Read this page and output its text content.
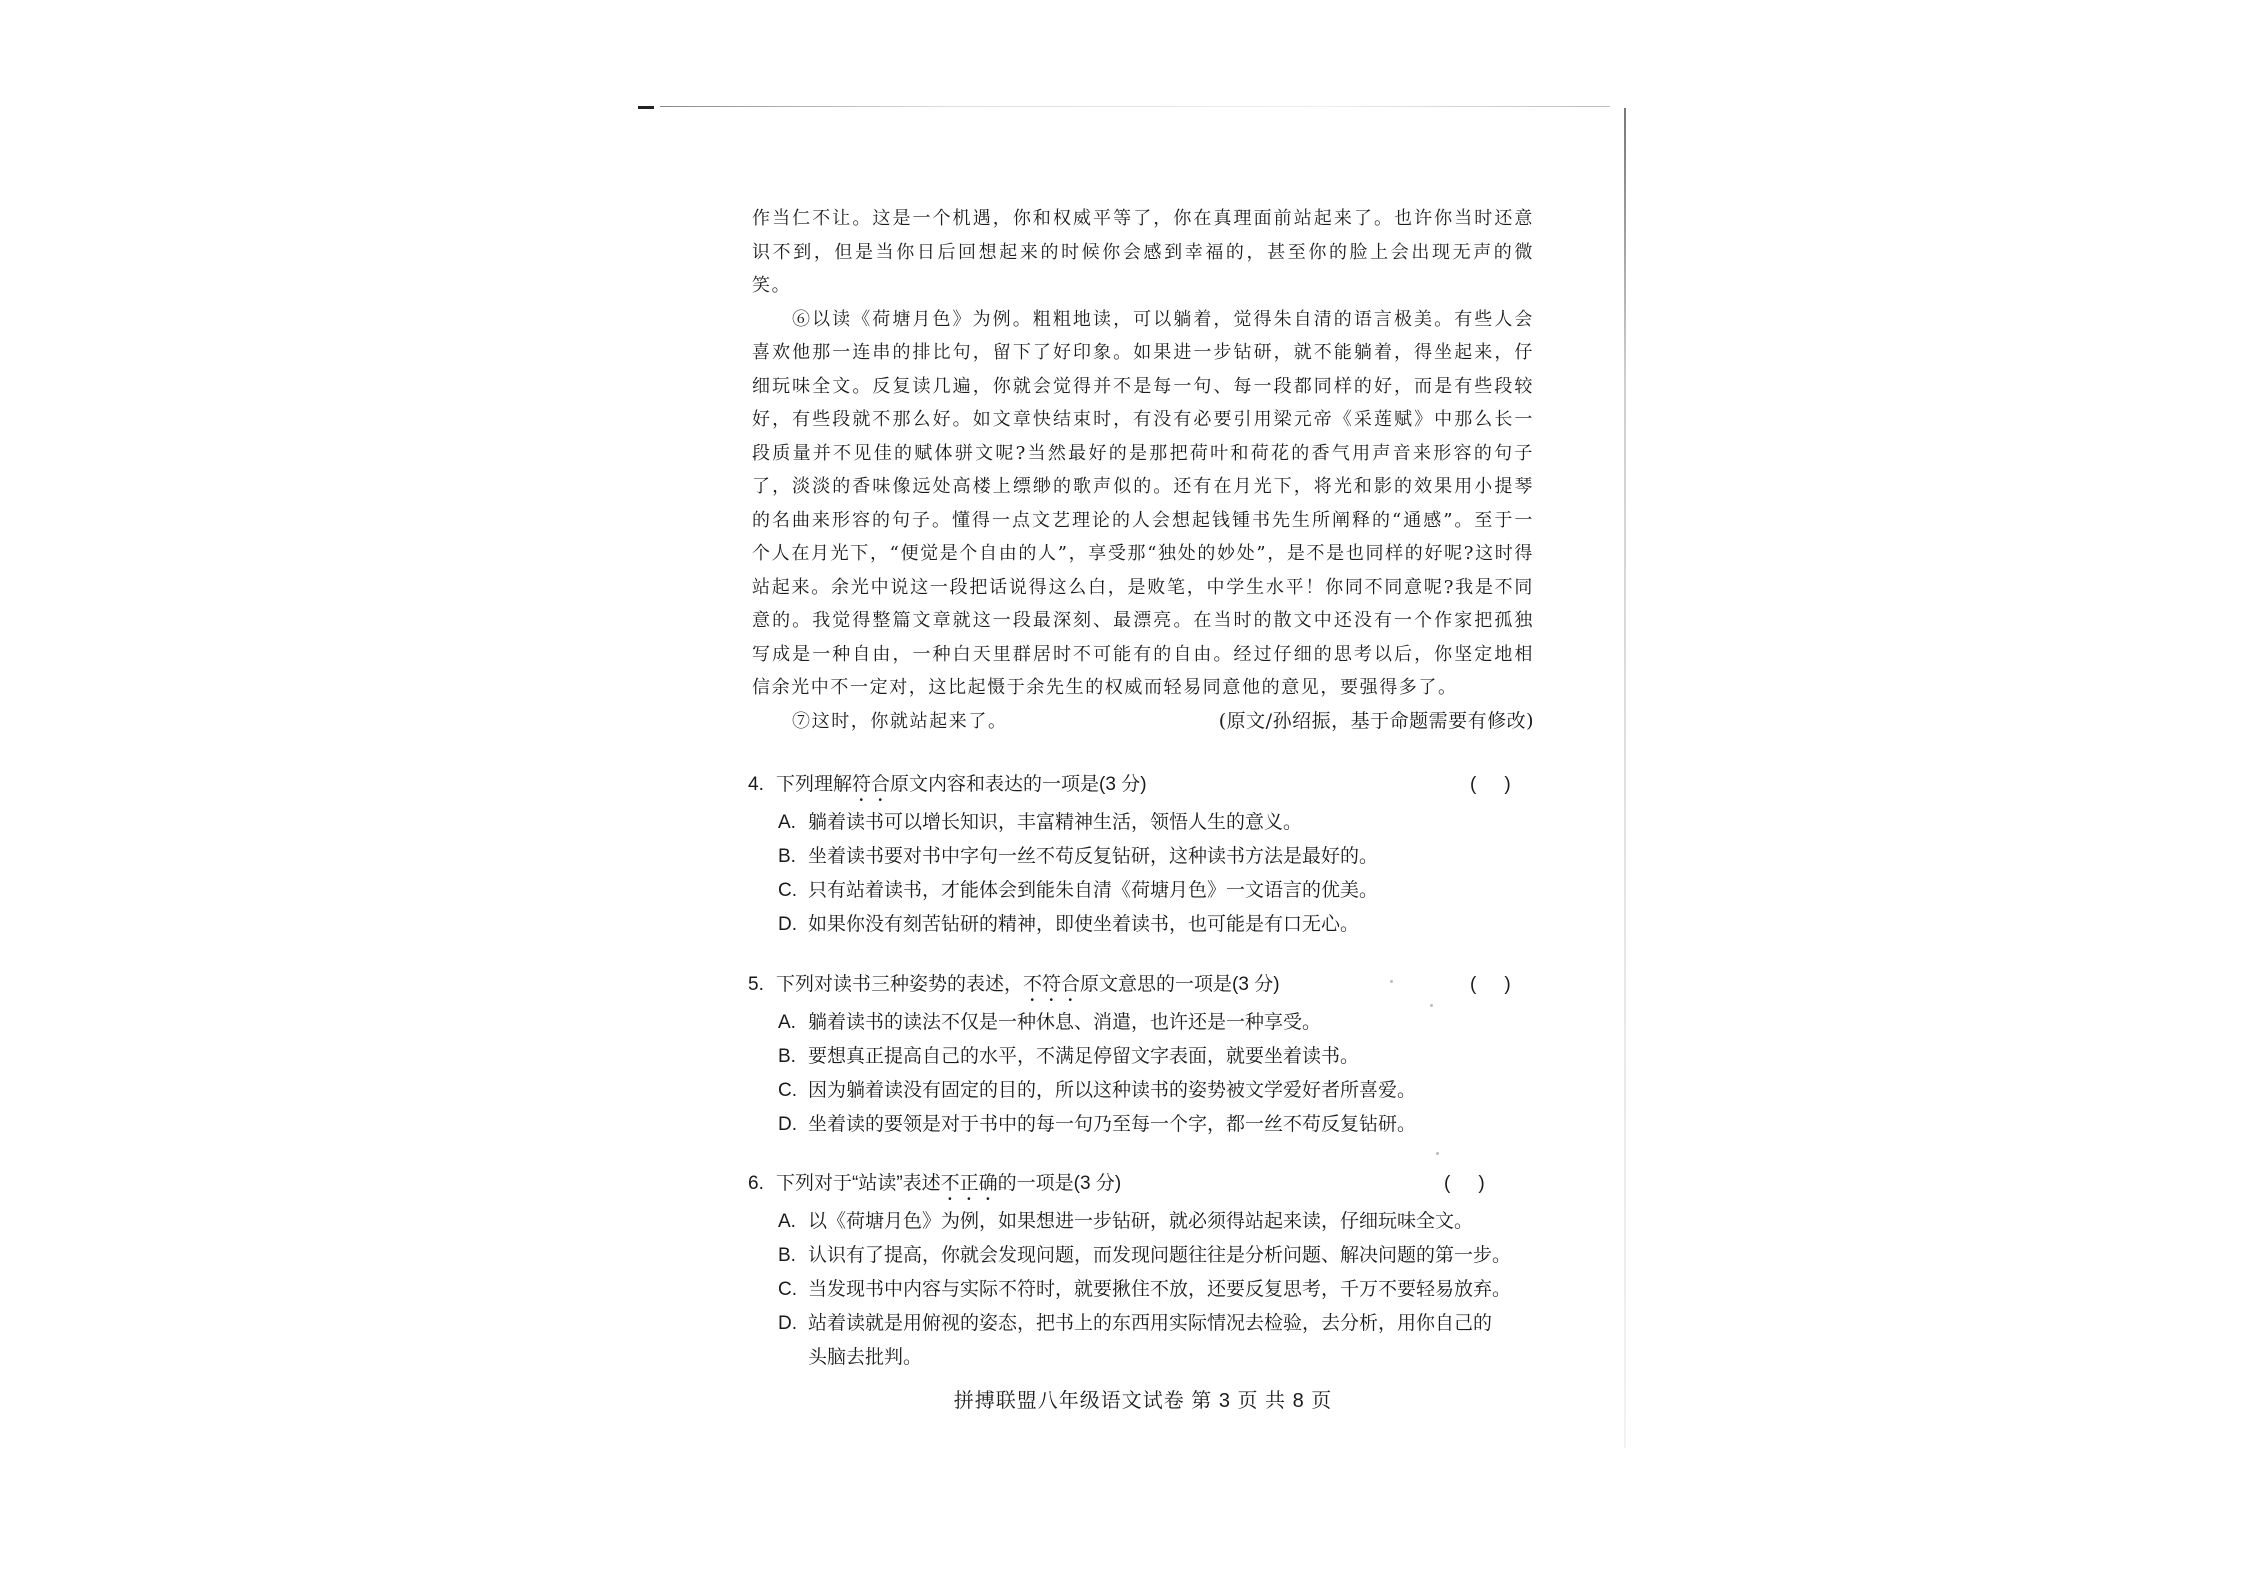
作当仁不让。这是一个机遇，你和权威平等了，你在真理面前站起来了。也许你当时还意识不到，但是当你日后回想起来的时候你会感到幸福的，甚至你的脸上会出现无声的微笑。

⑥以读《荷塘月色》为例。粗粗地读，可以躺着，觉得朱自清的语言极美。有些人会喜欢他那一连串的排比句，留下了好印象。如果进一步钻研，就不能躺着，得坐起来，仔细玩味全文。反复读几遍，你就会觉得并不是每一句、每一段都同样的好，而是有些段较好，有些段就不那么好。如文章快结束时，有没有必要引用梁元帝《采莲赋》中那么长一段质量并不见佳的赋体骈文呢?当然最好的是那把荷叶和荷花的香气用声音来形容的句子了，淡淡的香味像远处高楼上缥缈的歌声似的。还有在月光下，将光和影的效果用小提琴的名曲来形容的句子。懂得一点文艺理论的人会想起钱锺书先生所阐释的“通感”。至于一个人在月光下，“便觉是个自由的人”，享受那“独处的妙处”，是不是也同样的好呢?这时得站起来。余光中说这一段把话说得这么白，是败笔，中学生水平！你同不同意呢?我是不同意的。我觉得整篇文章就这一段最深刻、最漂亮。在当时的散文中还没有一个作家把孤独写成是一种自由，一种白天里群居时不可能有的自由。经过仔细的思考以后，你坚定地相信余光中不一定对，这比起慑于余先生的权威而轻易同意他的意见，要强得多了。

⑦这时，你就站起来了。	(原文/孙绍振，基于命题需要有修改)
4. 下列理解符合原文内容和表达的一项是(3 分)	()
A. 躺着读书可以增长知识，丰富精神生活，领悟人生的意义。
B. 坐着读书要对书中字句一丝不苟反复钻研，这种读书方法是最好的。
C. 只有站着读书，才能体会到能朱自清《荷塘月色》一文语言的优美。
D. 如果你没有刻苦钻研的精神，即使坐着读书，也可能是有口无心。
5. 下列对读书三种姿势的表述，不符合原文意思的一项是(3 分)	()
A. 躺着读书的读法不仅是一种休息、消遣，也许还是一种享受。
B. 要想真正提高自己的水平，不满足停留文字表面，就要坐着读书。
C. 因为躺着读没有固定的目的，所以这种读书的姿势被文学爱好者所喜爱。
D. 坐着读的要领是对于书中的每一句乃至每一个字，都一丝不苟反复钻研。
6. 下列对于“站读”表述不正确的一项是(3 分)	()
A. 以《荷塘月色》为例，如果想进一步钻研，就必须得站起来读，仔细玩味全文。
B. 认识有了提高，你就会发现问题，而发现问题往往是分析问题、解决问题的第一步。
C. 当发现书中内容与实际不符时，就要揪住不放，还要反复思考，千万不要轻易放弃。
D. 站着读就是用俯视的姿态，把书上的东西用实际情况去检验，去分析，用你自己的
头脑去批判。
拼搏联盟八年级语文试卷 第 3 页 共 8 页
